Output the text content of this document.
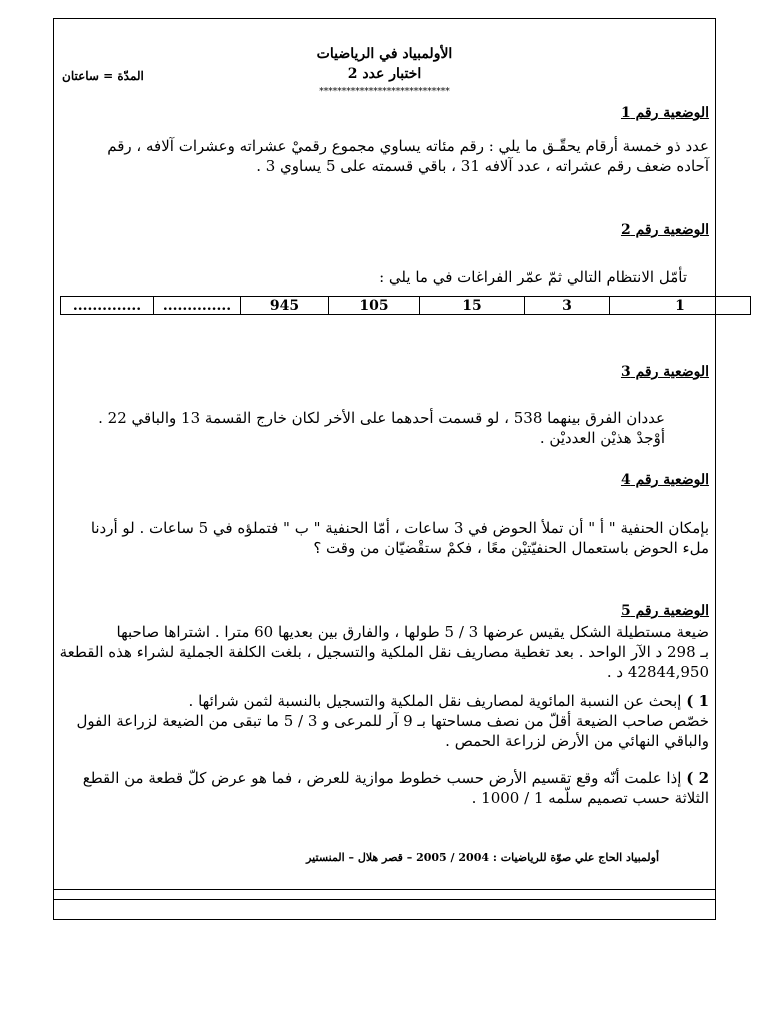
الأولمبياد في الرياضيات
اختبار عدد 2
المدّة = ساعتان
*****************************
الوضعية رقم 1
عدد ذو خمسة أرقام يحقّـق ما يلي : رقم مئاته يساوي مجموع رقميْ عشراته وعشرات آلافه ، رقم
آحاده ضعف رقم عشراته ، عدد آلافه 31 ، باقي قسمته على 5 يساوي 3 .
الوضعية رقم 2
تأمّل الانتظام التالي ثمّ عمّر الفراغات في ما يلي :
1	3	15	105	945	..............	..............
الوضعية رقم 3
عددان الفرق بينهما 538 ، لو قسمت أحدهما على الأخر لكان خارج القسمة 13 والباقي 22 .
أوْجدْ هذيْن العدديْن .
الوضعية رقم 4
بإمكان الحنفية " أ " أن تملأ الحوض في 3 ساعات ، أمّا الحنفية " ب " فتملؤه في 5 ساعات . لو أردنا
ملء الحوض باستعمال الحنفيّتيْن معًا ، فكمْ ستقْضيّان من وقت ؟
الوضعية رقم 5
ضيعة مستطيلة الشكل يقيس عرضها 3 / 5 طولها ، والفارق بين بعديها 60 مترا . اشتراها صاحبها
بـ 298 د الآر الواحد . بعد تغطية مصاريف نقل الملكية والتسجيل ، بلغت الكلفة الجملية لشراء هذه القطعة
42844,950 د .
1 ) إبحث عن النسبة المائوية لمصاريف نقل الملكية والتسجيل بالنسبة لثمن شرائها .
خصّص صاحب الضيعة أقلّ من نصف مساحتها بـ 9 آر للمرعى و 3 / 5 ما تبقى من الضيعة لزراعة الفول
والباقي النهائي من الأرض لزراعة الحمص .
2 ) إذا علمت أنّه وقع تقسيم الأرض حسب خطوط موازية للعرض ، فما هو عرض كلّ قطعة من القطع
الثلاثة حسب تصميم سلّمه 1 / 1000 .
أولمبياد الحاج علي صوّة للرياضيات : 2004 / 2005 – قصر هلال – المنستير
